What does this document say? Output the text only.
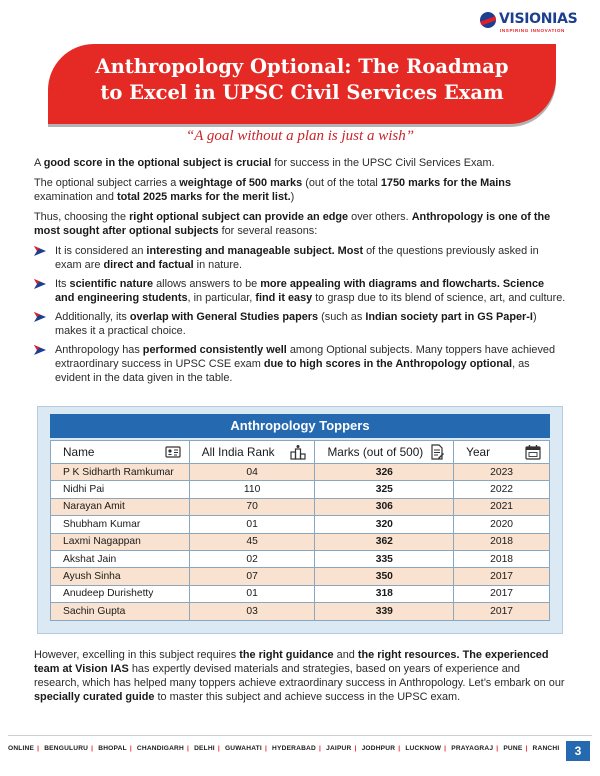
VISIONIAS
INSPIRING INNOVATION
Anthropology Optional: The Roadmap
to Excel in UPSC Civil Services Exam
“A goal without a plan is just a wish”

A good score in the optional subject is crucial for success in the UPSC Civil Services Exam.

The optional subject carries a weightage of 500 marks (out of the total 1750 marks for the Mains examination and total 2025 marks for the merit list.)

Thus, choosing the right optional subject can provide an edge over others. Anthropology is one of the most sought after optional subjects for several reasons:

It is considered an interesting and manageable subject. Most of the questions previously asked in exam are direct and factual in nature.
Its scientific nature allows answers to be more appealing with diagrams and flowcharts. Science and engineering students, in particular, find it easy to grasp due to its blend of science, art, and culture.
Additionally, its overlap with General Studies papers (such as Indian society part in GS Paper-I) makes it a practical choice.
Anthropology has performed consistently well among Optional subjects. Many toppers have achieved extraordinary success in UPSC CSE exam due to high scores in the Anthropology optional, as evident in the data given in the table.
Anthropology Toppers
Name	All India Rank	Marks (out of 500)	Year

P K Sidharth Ramkumar	04	326	2023
Nidhi Pai	110	325	2022
Narayan Amit	70	306	2021
Shubham Kumar	01	320	2020
Laxmi Nagappan	45	362	2018
Akshat Jain	02	335	2018
Ayush Sinha	07	350	2017
Anudeep Durishetty	01	318	2017
Sachin Gupta	03	339	2017
However, excelling in this subject requires the right guidance and the right resources. The experienced team at Vision IAS has expertly devised materials and strategies, based on years of experience and research, which has helped many toppers achieve extraordinary success in Anthropology. Let’s embark on our specially curated guide to master this subject and achieve success in the UPSC exam.
ONLINE | BENGULURU | BHOPAL | CHANDIGARH | DELHI | GUWAHATI | HYDERABAD | JAIPUR | JODHPUR | LUCKNOW | PRAYAGRAJ | PUNE | RANCHI	3
